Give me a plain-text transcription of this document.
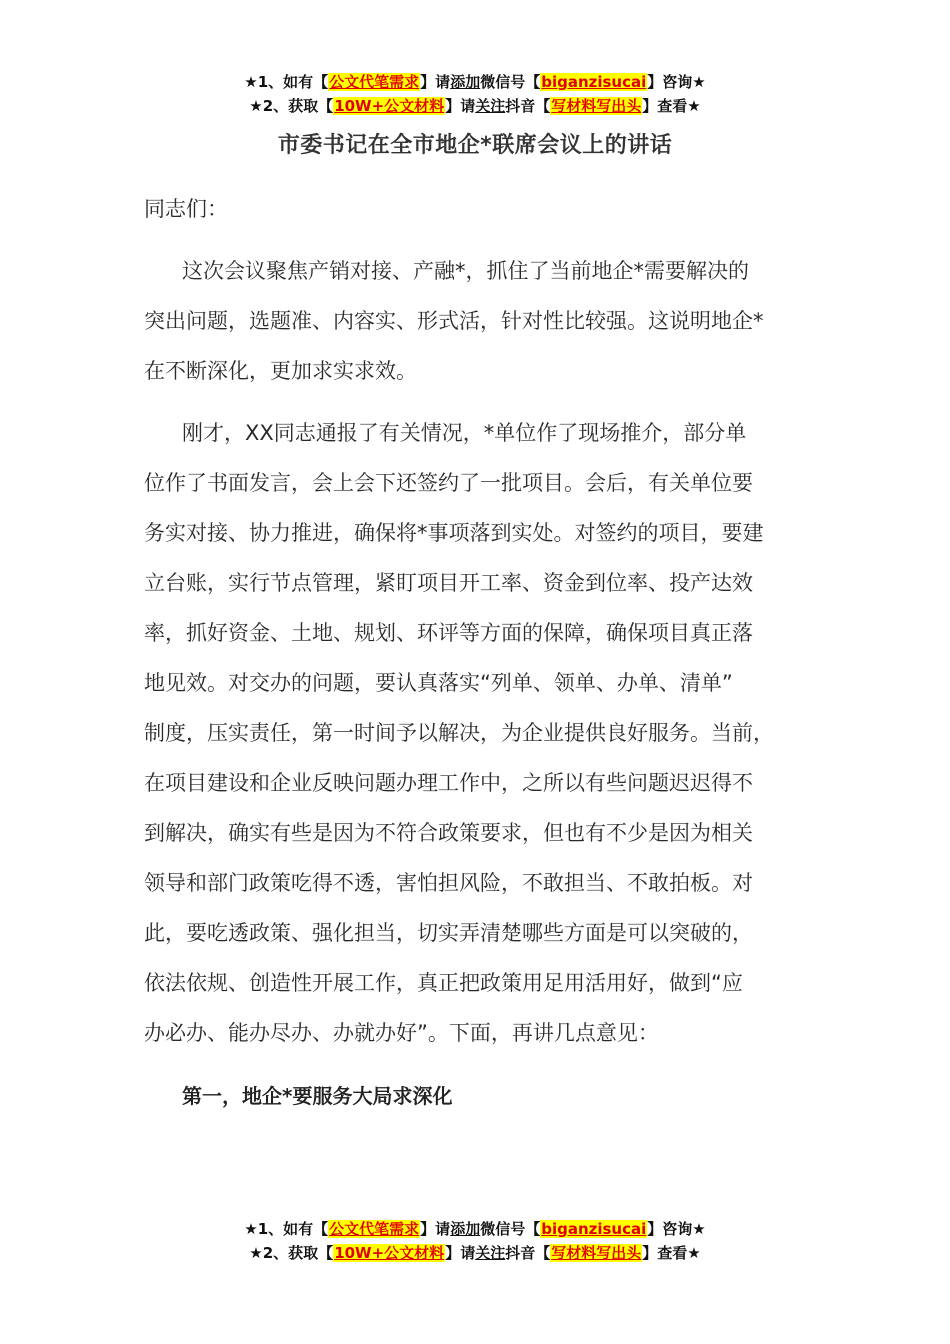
★1、如有【公文代笔需求】请添加微信号【biganzisucai】咨询★
★2、获取【10W+公文材料】请关注抖音【写材料写出头】查看★
市委书记在全市地企*联席会议上的讲话
同志们：
这次会议聚焦产销对接、产融*，抓住了当前地企*需要解决的
突出问题，选题准、内容实、形式活，针对性比较强。这说明地企*
在不断深化，更加求实求效。
刚才，XX同志通报了有关情况，*单位作了现场推介，部分单
位作了书面发言，会上会下还签约了一批项目。会后，有关单位要
务实对接、协力推进，确保将*事项落到实处。对签约的项目，要建
立台账，实行节点管理，紧盯项目开工率、资金到位率、投产达效
率，抓好资金、土地、规划、环评等方面的保障，确保项目真正落
地见效。对交办的问题，要认真落实“列单、领单、办单、清单”
制度，压实责任，第一时间予以解决，为企业提供良好服务。当前，
在项目建设和企业反映问题办理工作中，之所以有些问题迟迟得不
到解决，确实有些是因为不符合政策要求，但也有不少是因为相关
领导和部门政策吃得不透，害怕担风险，不敢担当、不敢拍板。对
此，要吃透政策、强化担当，切实弄清楚哪些方面是可以突破的，
依法依规、创造性开展工作，真正把政策用足用活用好，做到“应
办必办、能办尽办、办就办好”。下面，再讲几点意见：
第一，地企*要服务大局求深化
★1、如有【公文代笔需求】请添加微信号【biganzisucai】咨询★
★2、获取【10W+公文材料】请关注抖音【写材料写出头】查看★
